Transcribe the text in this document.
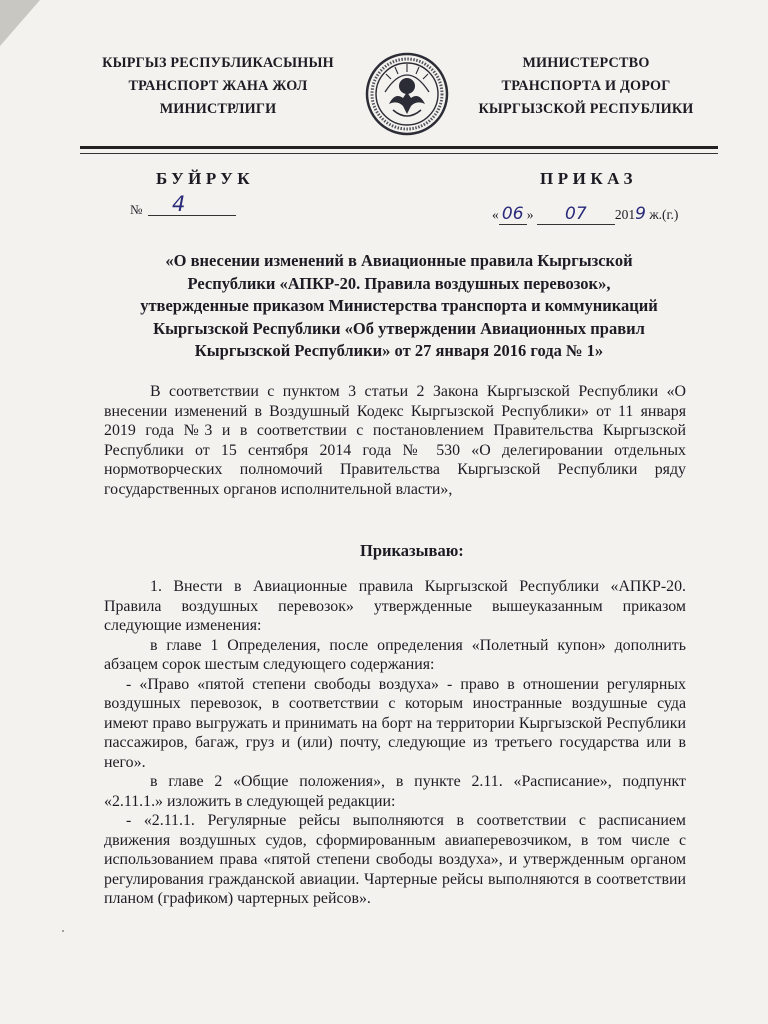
КЫРГЫЗ РЕСПУБЛИКАСЫНЫН
ТРАНСПОРТ ЖАНА ЖОЛ
МИНИСТРЛИГИ
МИНИСТЕРСТВО
ТРАНСПОРТА И ДОРОГ
КЫРГЫЗСКОЙ РЕСПУБЛИКИ
БУЙРУК	ПРИКАЗ
№	4	« 06 » 07 2019 ж.(г.)
«О внесении изменений в Авиационные правила Кыргызской
Республики «АПКР-20. Правила воздушных перевозок»,
утвержденные приказом Министерства транспорта и коммуникаций
Кыргызской Республики «Об утверждении Авиационных правил
Кыргызской Республики» от 27 января 2016 года № 1»
В соответствии с пунктом 3 статьи 2 Закона Кыргызской Республики «О внесении изменений в Воздушный Кодекс Кыргызской Республики» от 11 января 2019 года №3 и в соответствии с постановлением Правительства Кыргызской Республики от 15 сентября 2014 года № 530 «О делегировании отдельных нормотворческих полномочий Правительства Кыргызской Республики ряду государственных органов исполнительной власти»,
Приказываю:

1. Внести в Авиационные правила Кыргызской Республики «АПКР-20. Правила воздушных перевозок» утвержденные вышеуказанным приказом следующие изменения:

в главе 1 Определения, после определения «Полетный купон» дополнить абзацем сорок шестым следующего содержания:

- «Право «пятой степени свободы воздуха» - право в отношении регулярных воздушных перевозок, в соответствии с которым иностранные воздушные суда имеют право выгружать и принимать на борт на территории Кыргызской Республики пассажиров, багаж, груз и (или) почту, следующие из третьего государства или в него».

в главе 2 «Общие положения», в пункте 2.11. «Расписание», подпункт «2.11.1.» изложить в следующей редакции:

- «2.11.1. Регулярные рейсы выполняются в соответствии с расписанием движения воздушных судов, сформированным авиаперевозчиком, в том числе с использованием права «пятой степени свободы воздуха», и утвержденным органом регулирования гражданской авиации. Чартерные рейсы выполняются в соответствии планом (графиком) чартерных рейсов».
